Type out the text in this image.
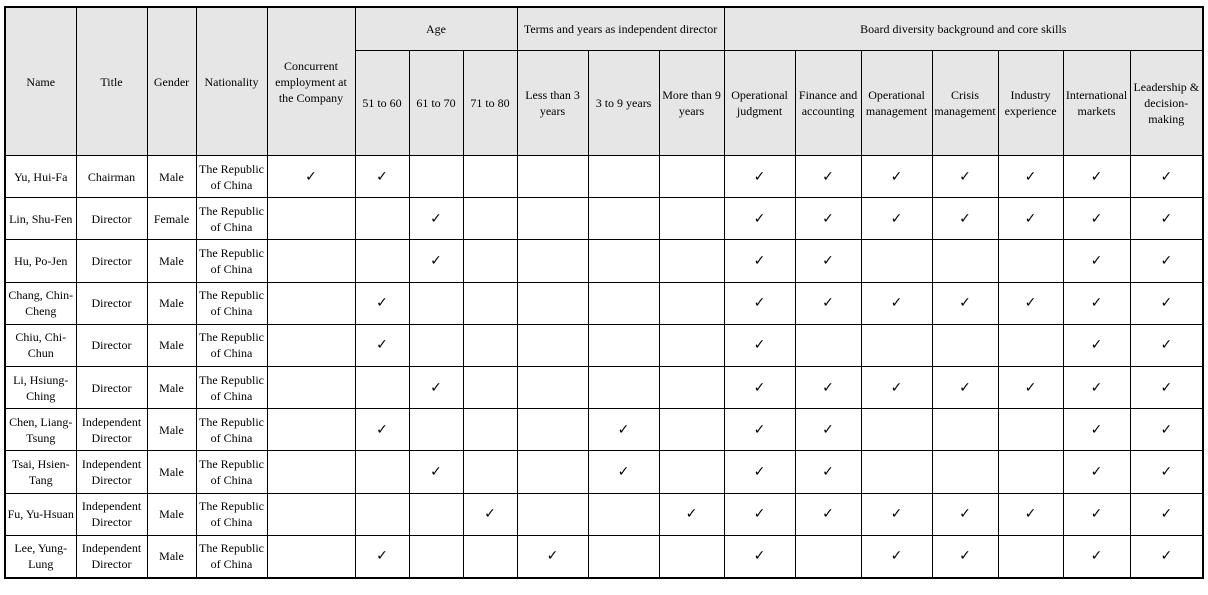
Name	Title	Gender	Nationality	Concurrent employment at the Company	Age			Terms and years as independent director			Board diversity background and core skills						
					51 to 60	61 to 70	71 to 80	Less than 3 years	3 to 9 years	More than 9 years	Operational judgment	Finance and accounting	Operational management	Crisis management	Industry experience	International markets	Leadership & decision-making
Yu, Hui-Fa	Chairman	Male	The Republic of China	✓	✓						✓	✓	✓	✓	✓	✓	✓
Lin, Shu-Fen	Director	Female	The Republic of China			✓					✓	✓	✓	✓	✓	✓	✓
Hu, Po-Jen	Director	Male	The Republic of China			✓					✓	✓				✓	✓
Chang, Chin-Cheng	Director	Male	The Republic of China		✓						✓	✓	✓	✓	✓	✓	✓
Chiu, Chi-Chun	Director	Male	The Republic of China		✓						✓					✓	✓
Li, Hsiung-Ching	Director	Male	The Republic of China			✓					✓	✓	✓	✓	✓	✓	✓
Chen, Liang-Tsung	Independent Director	Male	The Republic of China		✓				✓		✓	✓				✓	✓
Tsai, Hsien-Tang	Independent Director	Male	The Republic of China			✓			✓		✓	✓				✓	✓
Fu, Yu-Hsuan	Independent Director	Male	The Republic of China				✓			✓	✓	✓	✓	✓	✓	✓	✓
Lee, Yung-Lung	Independent Director	Male	The Republic of China		✓			✓			✓		✓	✓		✓	✓
